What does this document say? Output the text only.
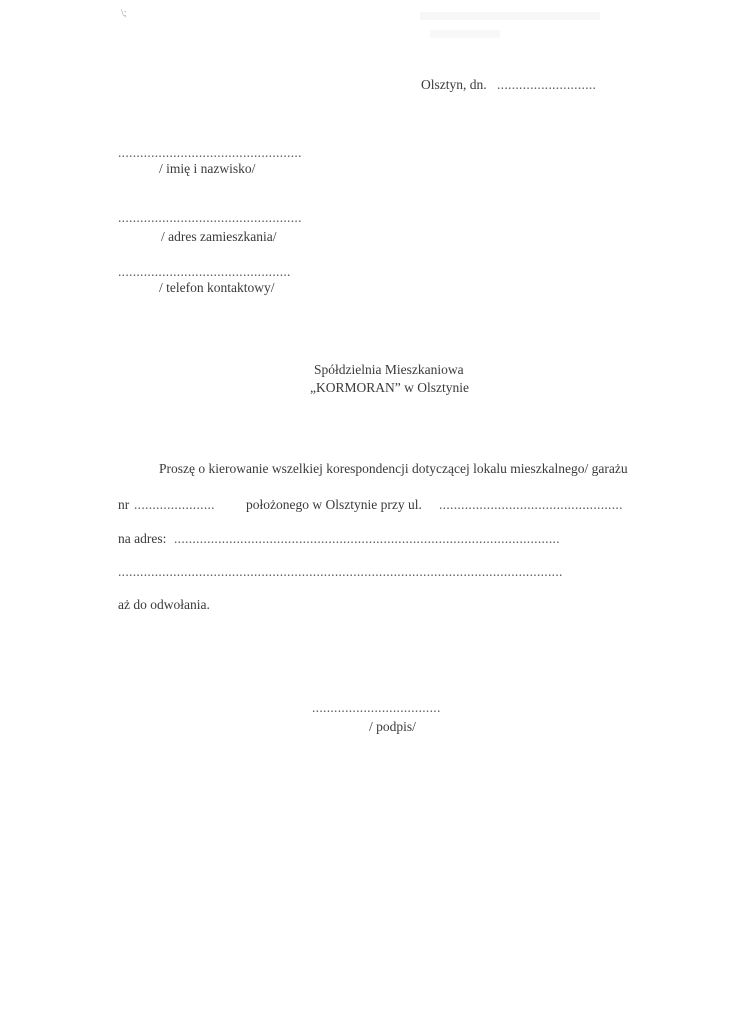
\;
Olsztyn, dn. ...........................
..................................................
/ imię i nazwisko/
..................................................
/ adres zamieszkania/
...............................................
/ telefon kontaktowy/
Spółdzielnia Mieszkaniowa
„KORMORAN” w Olsztynie
Proszę o kierowanie wszelkiej korespondencji dotyczącej lokalu mieszkalnego/ garażu
nr ...................... położonego w Olsztynie przy ul. ..................................................
na adres: .........................................................................................................
.........................................................................................................................
aż do odwołania.
...................................
/ podpis/
